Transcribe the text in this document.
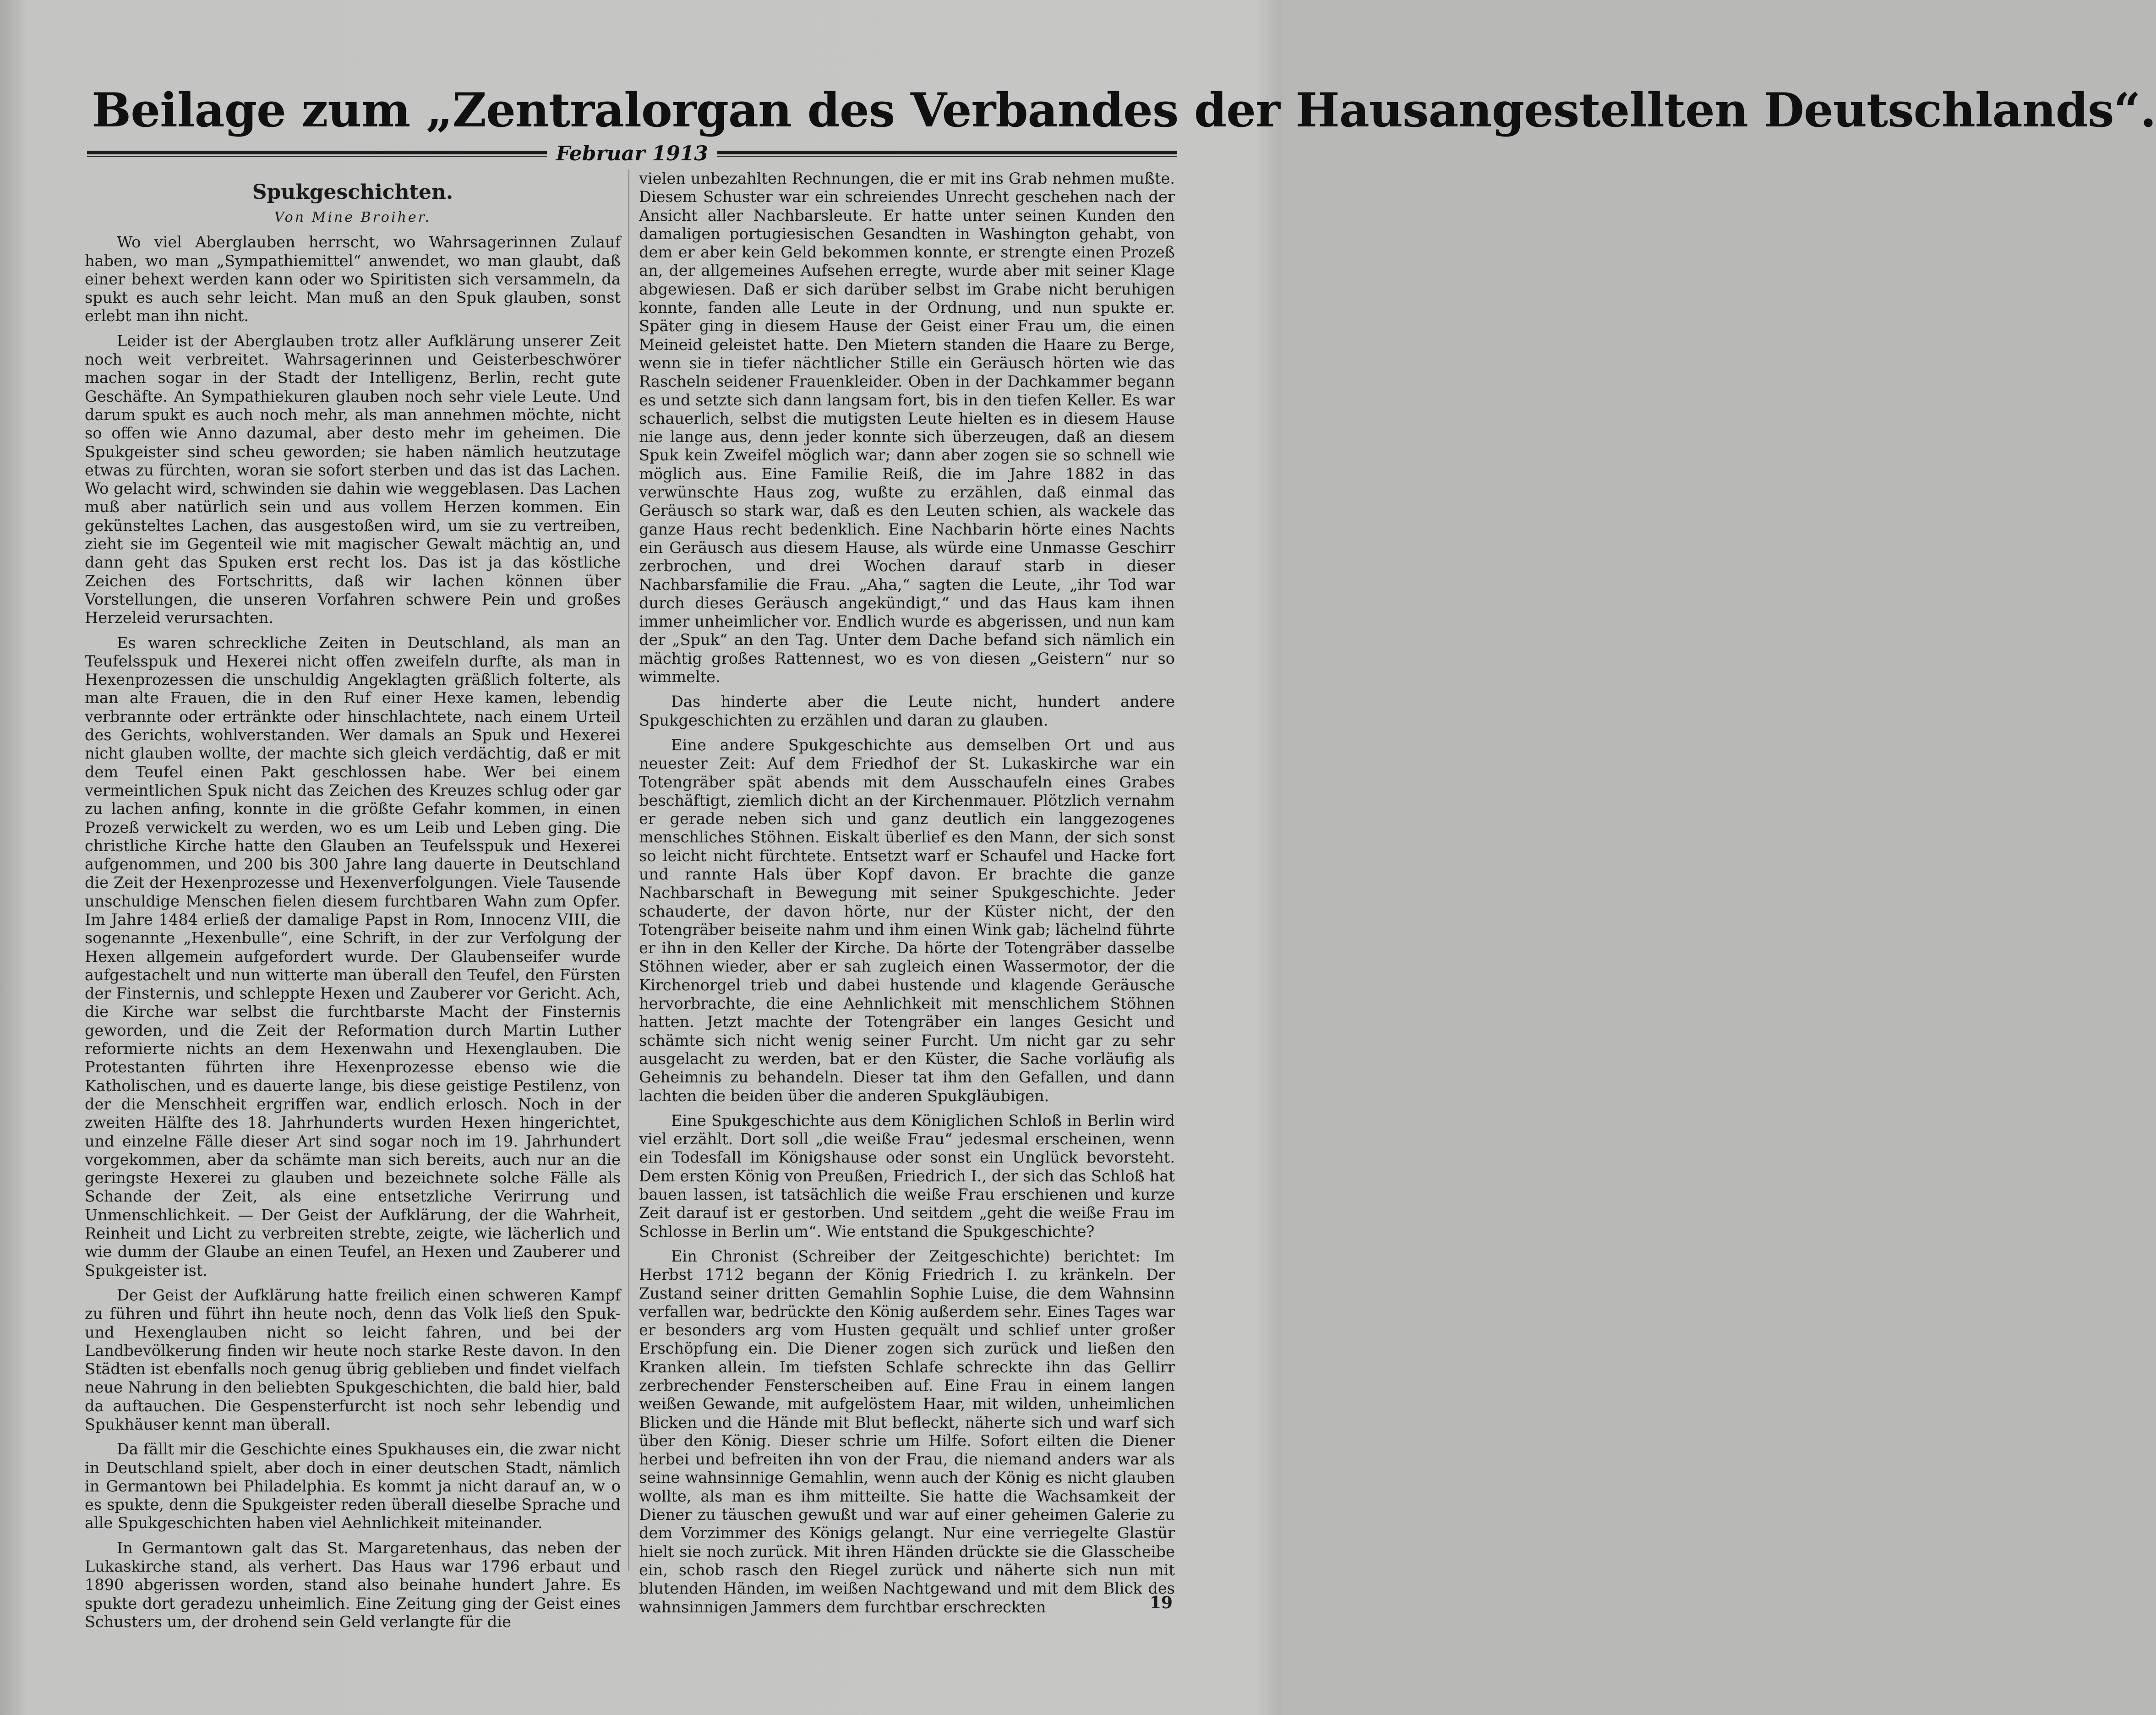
Beilage zum „Zentralorgan des Verbandes der Hausangestellten Deutschlands“.
Februar 1913
Spukgeschichten.
Von Mine Broiher.

Wo viel Aberglauben herrscht, wo Wahrsagerinnen Zulauf haben, wo man „Sympathiemittel“ anwendet, wo man glaubt, daß einer behext werden kann oder wo Spiritisten sich versammeln, da spukt es auch sehr leicht. Man muß an den Spuk glauben, sonst erlebt man ihn nicht.

Leider ist der Aberglauben trotz aller Aufklärung unserer Zeit noch weit verbreitet. Wahrsagerinnen und Geisterbeschwörer machen sogar in der Stadt der Intelligenz, Berlin, recht gute Geschäfte. An Sympathiekuren glauben noch sehr viele Leute. Und darum spukt es auch noch mehr, als man annehmen möchte, nicht so offen wie Anno dazumal, aber desto mehr im geheimen. Die Spukgeister sind scheu geworden; sie haben nämlich heutzutage etwas zu fürchten, woran sie sofort sterben und das ist das Lachen. Wo gelacht wird, schwinden sie dahin wie weggeblasen. Das Lachen muß aber natürlich sein und aus vollem Herzen kommen. Ein gekünsteltes Lachen, das ausgestoßen wird, um sie zu vertreiben, zieht sie im Gegenteil wie mit magischer Gewalt mächtig an, und dann geht das Spuken erst recht los. Das ist ja das köstliche Zeichen des Fortschritts, daß wir lachen können über Vorstellungen, die unseren Vorfahren schwere Pein und großes Herzeleid verursachten.

Es waren schreckliche Zeiten in Deutschland, als man an Teufelsspuk und Hexerei nicht offen zweifeln durfte, als man in Hexenprozessen die unschuldig Angeklagten gräßlich folterte, als man alte Frauen, die in den Ruf einer Hexe kamen, lebendig verbrannte oder ertränkte oder hinschlachtete, nach einem Urteil des Gerichts, wohlverstanden. Wer damals an Spuk und Hexerei nicht glauben wollte, der machte sich gleich verdächtig, daß er mit dem Teufel einen Pakt geschlossen habe. Wer bei einem vermeintlichen Spuk nicht das Zeichen des Kreuzes schlug oder gar zu lachen anfing, konnte in die größte Gefahr kommen, in einen Prozeß verwickelt zu werden, wo es um Leib und Leben ging. Die christliche Kirche hatte den Glauben an Teufelsspuk und Hexerei aufgenommen, und 200 bis 300 Jahre lang dauerte in Deutschland die Zeit der Hexenprozesse und Hexenverfolgungen. Viele Tausende unschuldige Menschen fielen diesem furchtbaren Wahn zum Opfer. Im Jahre 1484 erließ der damalige Papst in Rom, Innocenz VIII, die sogenannte „Hexenbulle“, eine Schrift, in der zur Verfolgung der Hexen allgemein aufgefordert wurde. Der Glaubenseifer wurde aufgestachelt und nun witterte man überall den Teufel, den Fürsten der Finsternis, und schleppte Hexen und Zauberer vor Gericht. Ach, die Kirche war selbst die furchtbarste Macht der Finsternis geworden, und die Zeit der Reformation durch Martin Luther reformierte nichts an dem Hexenwahn und Hexenglauben. Die Protestanten führten ihre Hexenprozesse ebenso wie die Katholischen, und es dauerte lange, bis diese geistige Pestilenz, von der die Menschheit ergriffen war, endlich erlosch. Noch in der zweiten Hälfte des 18. Jahrhunderts wurden Hexen hingerichtet, und einzelne Fälle dieser Art sind sogar noch im 19. Jahrhundert vorgekommen, aber da schämte man sich bereits, auch nur an die geringste Hexerei zu glauben und bezeichnete solche Fälle als Schande der Zeit, als eine entsetzliche Verirrung und Unmenschlichkeit. — Der Geist der Aufklärung, der die Wahrheit, Reinheit und Licht zu verbreiten strebte, zeigte, wie lächerlich und wie dumm der Glaube an einen Teufel, an Hexen und Zauberer und Spukgeister ist.

Der Geist der Aufklärung hatte freilich einen schweren Kampf zu führen und führt ihn heute noch, denn das Volk ließ den Spuk- und Hexenglauben nicht so leicht fahren, und bei der Landbevölkerung finden wir heute noch starke Reste davon. In den Städten ist ebenfalls noch genug übrig geblieben und findet vielfach neue Nahrung in den beliebten Spukgeschichten, die bald hier, bald da auftauchen. Die Gespensterfurcht ist noch sehr lebendig und Spukhäuser kennt man überall.

Da fällt mir die Geschichte eines Spukhauses ein, die zwar nicht in Deutschland spielt, aber doch in einer deutschen Stadt, nämlich in Germantown bei Philadelphia. Es kommt ja nicht darauf an, w o es spukte, denn die Spukgeister reden überall dieselbe Sprache und alle Spukgeschichten haben viel Aehnlichkeit miteinander.

In Germantown galt das St. Margaretenhaus, das neben der Lukaskirche stand, als verhert. Das Haus war 1796 erbaut und 1890 abgerissen worden, stand also beinahe hundert Jahre. Es spukte dort geradezu unheimlich. Eine Zeitung ging der Geist eines Schusters um, der drohend sein Geld verlangte für die

vielen unbezahlten Rechnungen, die er mit ins Grab nehmen mußte. Diesem Schuster war ein schreiendes Unrecht geschehen nach der Ansicht aller Nachbarsleute. Er hatte unter seinen Kunden den damaligen portugiesischen Gesandten in Washington gehabt, von dem er aber kein Geld bekommen konnte, er strengte einen Prozeß an, der allgemeines Aufsehen erregte, wurde aber mit seiner Klage abgewiesen. Daß er sich darüber selbst im Grabe nicht beruhigen konnte, fanden alle Leute in der Ordnung, und nun spukte er. Später ging in diesem Hause der Geist einer Frau um, die einen Meineid geleistet hatte. Den Mietern standen die Haare zu Berge, wenn sie in tiefer nächtlicher Stille ein Geräusch hörten wie das Rascheln seidener Frauenkleider. Oben in der Dachkammer begann es und setzte sich dann langsam fort, bis in den tiefen Keller. Es war schauerlich, selbst die mutigsten Leute hielten es in diesem Hause nie lange aus, denn jeder konnte sich überzeugen, daß an diesem Spuk kein Zweifel möglich war; dann aber zogen sie so schnell wie möglich aus. Eine Familie Reiß, die im Jahre 1882 in das verwünschte Haus zog, wußte zu erzählen, daß einmal das Geräusch so stark war, daß es den Leuten schien, als wackele das ganze Haus recht bedenklich. Eine Nachbarin hörte eines Nachts ein Geräusch aus diesem Hause, als würde eine Unmasse Geschirr zerbrochen, und drei Wochen darauf starb in dieser Nachbarsfamilie die Frau. „Aha,“ sagten die Leute, „ihr Tod war durch dieses Geräusch angekündigt,“ und das Haus kam ihnen immer unheimlicher vor. Endlich wurde es abgerissen, und nun kam der „Spuk“ an den Tag. Unter dem Dache befand sich nämlich ein mächtig großes Rattennest, wo es von diesen „Geistern“ nur so wimmelte.

Das hinderte aber die Leute nicht, hundert andere Spukgeschichten zu erzählen und daran zu glauben.

Eine andere Spukgeschichte aus demselben Ort und aus neuester Zeit: Auf dem Friedhof der St. Lukaskirche war ein Totengräber spät abends mit dem Ausschaufeln eines Grabes beschäftigt, ziemlich dicht an der Kirchenmauer. Plötzlich vernahm er gerade neben sich und ganz deutlich ein langgezogenes menschliches Stöhnen. Eiskalt überlief es den Mann, der sich sonst so leicht nicht fürchtete. Entsetzt warf er Schaufel und Hacke fort und rannte Hals über Kopf davon. Er brachte die ganze Nachbarschaft in Bewegung mit seiner Spukgeschichte. Jeder schauderte, der davon hörte, nur der Küster nicht, der den Totengräber beiseite nahm und ihm einen Wink gab; lächelnd führte er ihn in den Keller der Kirche. Da hörte der Totengräber dasselbe Stöhnen wieder, aber er sah zugleich einen Wassermotor, der die Kirchenorgel trieb und dabei hustende und klagende Geräusche hervorbrachte, die eine Aehnlichkeit mit menschlichem Stöhnen hatten. Jetzt machte der Totengräber ein langes Gesicht und schämte sich nicht wenig seiner Furcht. Um nicht gar zu sehr ausgelacht zu werden, bat er den Küster, die Sache vorläufig als Geheimnis zu behandeln. Dieser tat ihm den Gefallen, und dann lachten die beiden über die anderen Spukgläubigen.

Eine Spukgeschichte aus dem Königlichen Schloß in Berlin wird viel erzählt. Dort soll „die weiße Frau“ jedesmal erscheinen, wenn ein Todesfall im Königshause oder sonst ein Unglück bevorsteht. Dem ersten König von Preußen, Friedrich I., der sich das Schloß hat bauen lassen, ist tatsächlich die weiße Frau erschienen und kurze Zeit darauf ist er gestorben. Und seitdem „geht die weiße Frau im Schlosse in Berlin um“. Wie entstand die Spukgeschichte?

Ein Chronist (Schreiber der Zeitgeschichte) berichtet: Im Herbst 1712 begann der König Friedrich I. zu kränkeln. Der Zustand seiner dritten Gemahlin Sophie Luise, die dem Wahnsinn verfallen war, bedrückte den König außerdem sehr. Eines Tages war er besonders arg vom Husten gequält und schlief unter großer Erschöpfung ein. Die Diener zogen sich zurück und ließen den Kranken allein. Im tiefsten Schlafe schreckte ihn das Gellirr zerbrechender Fensterscheiben auf. Eine Frau in einem langen weißen Gewande, mit aufgelöstem Haar, mit wilden, unheimlichen Blicken und die Hände mit Blut befleckt, näherte sich und warf sich über den König. Dieser schrie um Hilfe. Sofort eilten die Diener herbei und befreiten ihn von der Frau, die niemand anders war als seine wahnsinnige Gemahlin, wenn auch der König es nicht glauben wollte, als man es ihm mitteilte. Sie hatte die Wachsamkeit der Diener zu täuschen gewußt und war auf einer geheimen Galerie zu dem Vorzimmer des Königs gelangt. Nur eine verriegelte Glastür hielt sie noch zurück. Mit ihren Händen drückte sie die Glasscheibe ein, schob rasch den Riegel zurück und näherte sich nun mit blutenden Händen, im weißen Nachtgewand und mit dem Blick des wahnsinnigen Jammers dem furchtbar erschreckten	19
